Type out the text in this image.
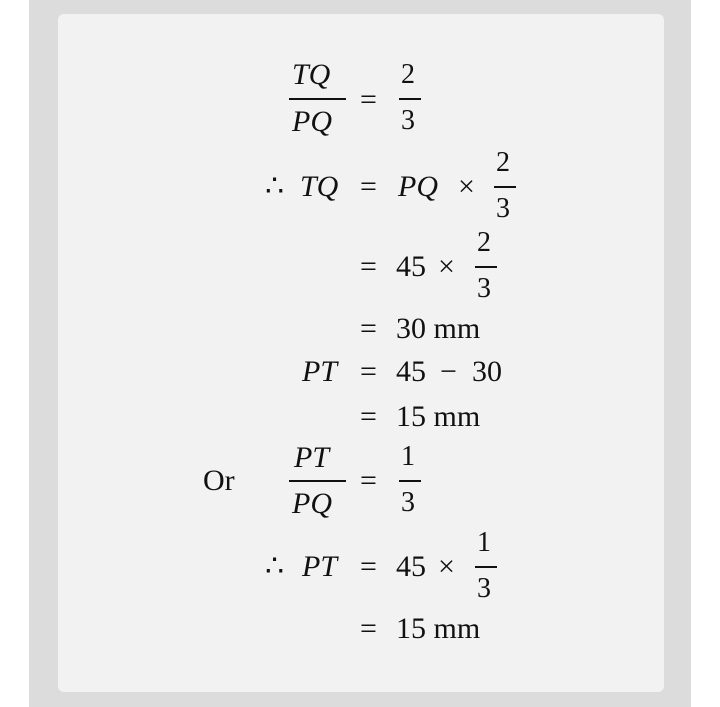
TQ
PQ
=
2
3
∴ TQ = PQ ×
2
3
= 45 ×
2
3
= 30 mm
PT = 45 − 30
= 15 mm
Or
PT
PQ
=
1
3
∴ PT = 45 ×
1
3
= 15 mm
